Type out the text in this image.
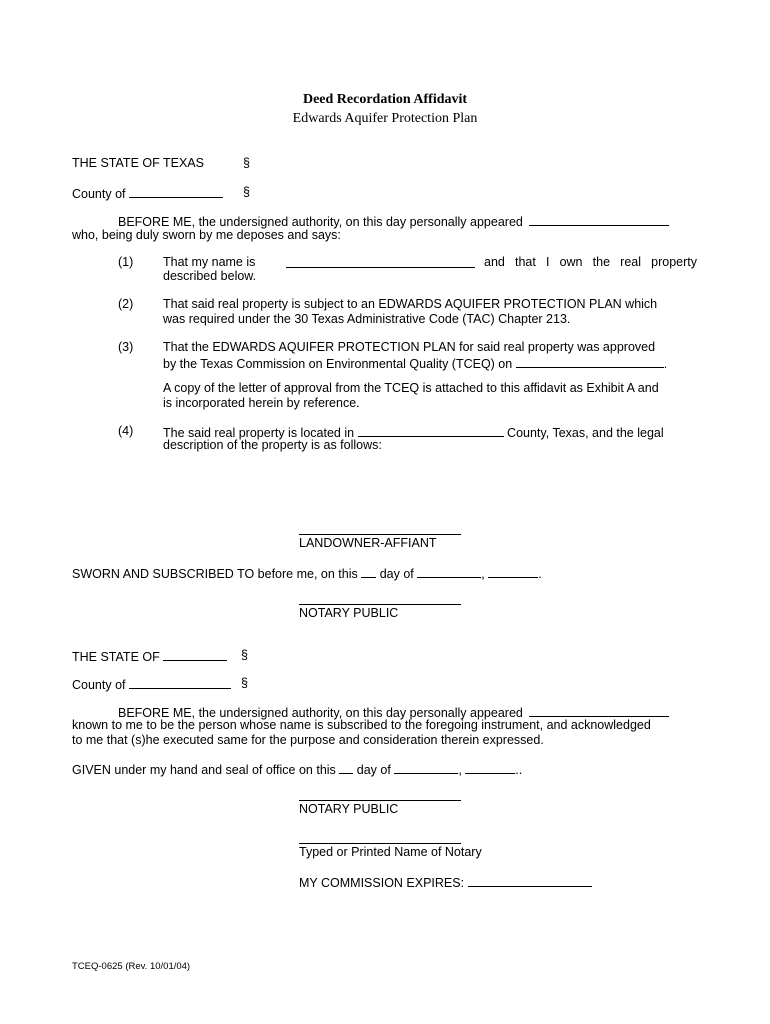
Deed Recordation Affidavit
Edwards Aquifer Protection Plan
THE STATE OF TEXAS	§
County of	§
BEFORE ME, the undersigned authority, on this day personally appeared
who, being duly sworn by me deposes and says:
(1) That my name is	and that I own the real property
described below.
(2) That said real property is subject to an EDWARDS AQUIFER PROTECTION PLAN which
was required under the 30 Texas Administrative Code (TAC) Chapter 213.
(3) That the EDWARDS AQUIFER PROTECTION PLAN for said real property was approved
by the Texas Commission on Environmental Quality (TCEQ) on	.
A copy of the letter of approval from the TCEQ is attached to this affidavit as Exhibit A and
is incorporated herein by reference.
(4) The said real property is located in	County, Texas, and the legal
description of the property is as follows:
LANDOWNER-AFFIANT
SWORN AND SUBSCRIBED TO before me, on this day of	,	.
NOTARY PUBLIC
THE STATE OF	§
County of	§
BEFORE ME, the undersigned authority, on this day personally appeared
known to me to be the person whose name is subscribed to the foregoing instrument, and acknowledged
to me that (s)he executed same for the purpose and consideration therein expressed.
GIVEN under my hand and seal of office on this day of	,	..
NOTARY PUBLIC
Typed or Printed Name of Notary
MY COMMISSION EXPIRES:
TCEQ-0625 (Rev. 10/01/04)
